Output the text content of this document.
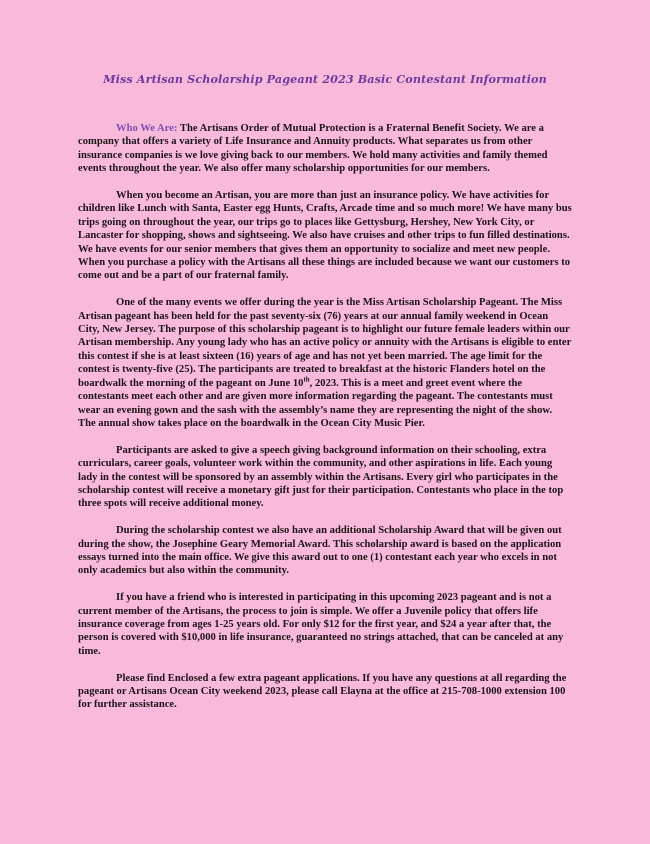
Miss Artisan Scholarship Pageant 2023 Basic Contestant Information

Who We Are: The Artisans Order of Mutual Protection is a Fraternal Benefit Society. We are a company that offers a variety of Life Insurance and Annuity products. What separates us from other insurance companies is we love giving back to our members. We hold many activities and family themed events throughout the year. We also offer many scholarship opportunities for our members.

When you become an Artisan, you are more than just an insurance policy. We have activities for children like Lunch with Santa, Easter egg Hunts, Crafts, Arcade time and so much more! We have many bus trips going on throughout the year, our trips go to places like Gettysburg, Hershey, New York City, or Lancaster for shopping, shows and sightseeing. We also have cruises and other trips to fun filled destinations. We have events for our senior members that gives them an opportunity to socialize and meet new people. When you purchase a policy with the Artisans all these things are included because we want our customers to come out and be a part of our fraternal family.

One of the many events we offer during the year is the Miss Artisan Scholarship Pageant. The Miss Artisan pageant has been held for the past seventy-six (76) years at our annual family weekend in Ocean City, New Jersey. The purpose of this scholarship pageant is to highlight our future female leaders within our Artisan membership. Any young lady who has an active policy or annuity with the Artisans is eligible to enter this contest if she is at least sixteen (16) years of age and has not yet been married. The age limit for the contest is twenty-five (25). The participants are treated to breakfast at the historic Flanders hotel on the boardwalk the morning of the pageant on June 10th, 2023. This is a meet and greet event where the contestants meet each other and are given more information regarding the pageant. The contestants must wear an evening gown and the sash with the assembly’s name they are representing the night of the show. The annual show takes place on the boardwalk in the Ocean City Music Pier.

Participants are asked to give a speech giving background information on their schooling, extra curriculars, career goals, volunteer work within the community, and other aspirations in life. Each young lady in the contest will be sponsored by an assembly within the Artisans. Every girl who participates in the scholarship contest will receive a monetary gift just for their participation. Contestants who place in the top three spots will receive additional money.

During the scholarship contest we also have an additional Scholarship Award that will be given out during the show, the Josephine Geary Memorial Award. This scholarship award is based on the application essays turned into the main office. We give this award out to one (1) contestant each year who excels in not only academics but also within the community.

If you have a friend who is interested in participating in this upcoming 2023 pageant and is not a current member of the Artisans, the process to join is simple. We offer a Juvenile policy that offers life insurance coverage from ages 1-25 years old. For only $12 for the first year, and $24 a year after that, the person is covered with $10,000 in life insurance, guaranteed no strings attached, that can be canceled at any time.

Please find Enclosed a few extra pageant applications. If you have any questions at all regarding the pageant or Artisans Ocean City weekend 2023, please call Elayna at the office at 215-708-1000 extension 100 for further assistance.
